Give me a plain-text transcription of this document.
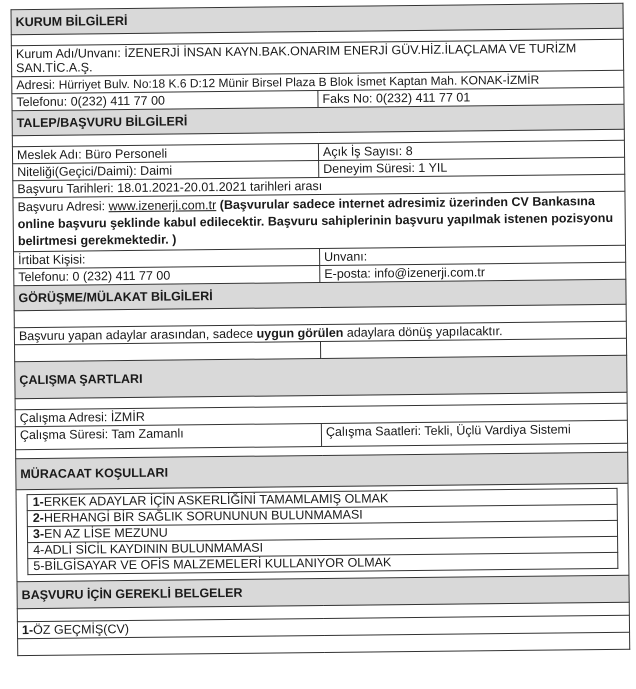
KURUM BİLGİLERİ

Kurum Adı/Unvanı: İZENERJİ İNSAN KAYN.BAK.ONARIM ENERJİ GÜV.HİZ.İLAÇLAMA VE TURİZM SAN.TİC.A.Ş.
Adresi: Hürriyet Bulv. No:18 K.6 D:12 Münir Birsel Plaza B Blok İsmet Kaptan Mah. KONAK-İZMİR
Telefonu: 0(232) 411 77 00	Faks No: 0(232) 411 77 01
TALEP/BAŞVURU BİLGİLERİ

Meslek Adı: Büro Personeli	Açık İş Sayısı: 8
Niteliği(Geçici/Daimi): Daimi	Deneyim Süresi: 1 YIL
Başvuru Tarihleri: 18.01.2021-20.01.2021 tarihleri arası
Başvuru Adresi: www.izenerji.com.tr (Başvurular sadece internet adresimiz üzerinden CV Bankasına online başvuru şeklinde kabul edilecektir. Başvuru sahiplerinin başvuru yapılmak istenen pozisyonu belirtmesi gerekmektedir. )
İrtibat Kişisi:	Unvanı:
Telefonu: 0 (232) 411 77 00	E-posta: info@izenerji.com.tr
GÖRÜŞME/MÜLAKAT BİLGİLERİ

Başvuru yapan adaylar arasından, sadece uygun görülen adaylara dönüş yapılacaktır.

ÇALIŞMA ŞARTLARI

Çalışma Adresi: İZMİR
Çalışma Süresi: Tam Zamanlı	Çalışma Saatleri: Tekli, Üçlü Vardiya Sistemi

MÜRACAAT KOŞULLARI

1-ERKEK ADAYLAR İÇİN ASKERLİĞİNİ TAMAMLAMIŞ OLMAK
2-HERHANGİ BİR SAĞLIK SORUNUNUN BULUNMAMASI
3-EN AZ LİSE MEZUNU
4-ADLİ SİCİL KAYDININ BULUNMAMASI
5-BİLGİSAYAR VE OFİS MALZEMELERİ KULLANIYOR OLMAK

BAŞVURU İÇİN GEREKLİ BELGELER

1-ÖZ GEÇMİŞ(CV)
